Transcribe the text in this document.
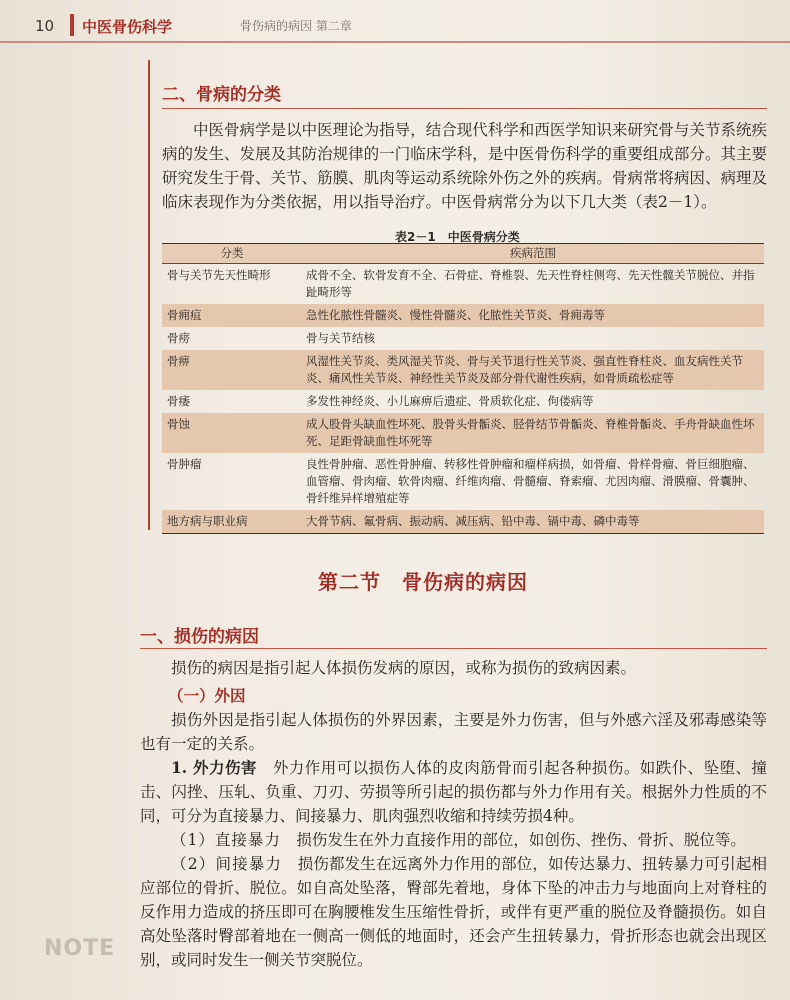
10 中医骨伤科学	骨伤病的病因 第二章
二、骨病的分类
中医骨病学是以中医理论为指导，结合现代科学和西医学知识来研究骨与关节系统疾病的发生、发展及其防治规律的一门临床学科，是中医骨伤科学的重要组成部分。其主要研究发生于骨、关节、筋膜、肌肉等运动系统除外伤之外的疾病。骨病常将病因、病理及临床表现作为分类依据，用以指导治疗。中医骨病常分为以下几大类（表2－1）。
表2－1　中医骨病分类
分类	疾病范围
骨与关节先天性畸形	成骨不全、软骨发育不全、石骨症、脊椎裂、先天性脊柱侧弯、先天性髋关节脱位、并指趾畸形等
骨痈疽	急性化脓性骨髓炎、慢性骨髓炎、化脓性关节炎、骨痈毒等
骨痨	骨与关节结核
骨痹	风湿性关节炎、类风湿关节炎、骨与关节退行性关节炎、强直性脊柱炎、血友病性关节炎、痛风性关节炎、神经性关节炎及部分骨代谢性疾病，如骨质疏松症等
骨痿	多发性神经炎、小儿麻痹后遗症、骨质软化症、佝偻病等
骨蚀	成人股骨头缺血性坏死、股骨头骨骺炎、胫骨结节骨骺炎、脊椎骨骺炎、手舟骨缺血性坏死、足距骨缺血性坏死等
骨肿瘤	良性骨肿瘤、恶性骨肿瘤、转移性骨肿瘤和瘤样病损，如骨瘤、骨样骨瘤、骨巨细胞瘤、血管瘤、骨肉瘤、软骨肉瘤、纤维肉瘤、骨髓瘤、脊索瘤、尤因肉瘤、滑膜瘤、骨囊肿、骨纤维异样增殖症等
地方病与职业病	大骨节病、氟骨病、振动病、减压病、铅中毒、镉中毒、磷中毒等
第二节　骨伤病的病因
一、损伤的病因
损伤的病因是指引起人体损伤发病的原因，或称为损伤的致病因素。
（一）外因
损伤外因是指引起人体损伤的外界因素，主要是外力伤害，但与外感六淫及邪毒感染等也有一定的关系。
1. 外力伤害　 外力作用可以损伤人体的皮肉筋骨而引起各种损伤。如跌仆、坠堕、撞击、闪挫、压轧、负重、刀刃、劳损等所引起的损伤都与外力作用有关。根据外力性质的不同，可分为直接暴力、间接暴力、肌肉强烈收缩和持续劳损4种。
（1）直接暴力　 损伤发生在外力直接作用的部位，如创伤、挫伤、骨折、脱位等。
（2）间接暴力　 损伤都发生在远离外力作用的部位，如传达暴力、扭转暴力可引起相应部位的骨折、脱位。如自高处坠落，臀部先着地，身体下坠的冲击力与地面向上对脊柱的反作用力造成的挤压即可在胸腰椎发生压缩性骨折，或伴有更严重的脱位及脊髓损伤。如自高处坠落时臀部着地在一侧高一侧低的地面时，还会产生扭转暴力，骨折形态也就会出现区别，或同时发生一侧关节突脱位。
NOTE
